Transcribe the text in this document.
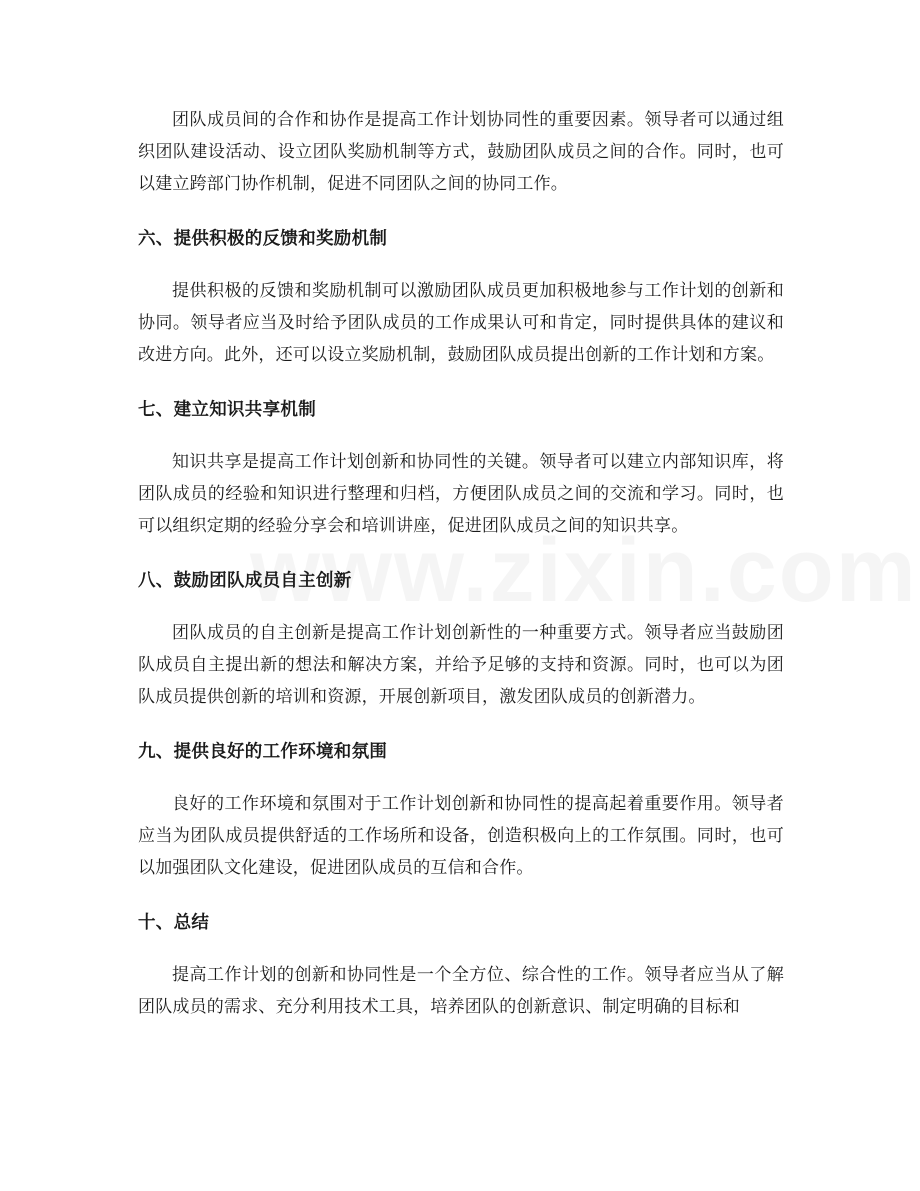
团队成员间的合作和协作是提高工作计划协同性的重要因素。领导者可以通过组织团队建设活动、设立团队奖励机制等方式，鼓励团队成员之间的合作。同时，也可以建立跨部门协作机制，促进不同团队之间的协同工作。

六、提供积极的反馈和奖励机制

提供积极的反馈和奖励机制可以激励团队成员更加积极地参与工作计划的创新和协同。领导者应当及时给予团队成员的工作成果认可和肯定，同时提供具体的建议和改进方向。此外，还可以设立奖励机制，鼓励团队成员提出创新的工作计划和方案。

七、建立知识共享机制

知识共享是提高工作计划创新和协同性的关键。领导者可以建立内部知识库，将团队成员的经验和知识进行整理和归档，方便团队成员之间的交流和学习。同时，也可以组织定期的经验分享会和培训讲座，促进团队成员之间的知识共享。

八、鼓励团队成员自主创新

团队成员的自主创新是提高工作计划创新性的一种重要方式。领导者应当鼓励团队成员自主提出新的想法和解决方案，并给予足够的支持和资源。同时，也可以为团队成员提供创新的培训和资源，开展创新项目，激发团队成员的创新潜力。

九、提供良好的工作环境和氛围

良好的工作环境和氛围对于工作计划创新和协同性的提高起着重要作用。领导者应当为团队成员提供舒适的工作场所和设备，创造积极向上的工作氛围。同时，也可以加强团队文化建设，促进团队成员的互信和合作。

十、总结

提高工作计划的创新和协同性是一个全方位、综合性的工作。领导者应当从了解团队成员的需求、充分利用技术工具，培养团队的创新意识、制定明确的目标和
